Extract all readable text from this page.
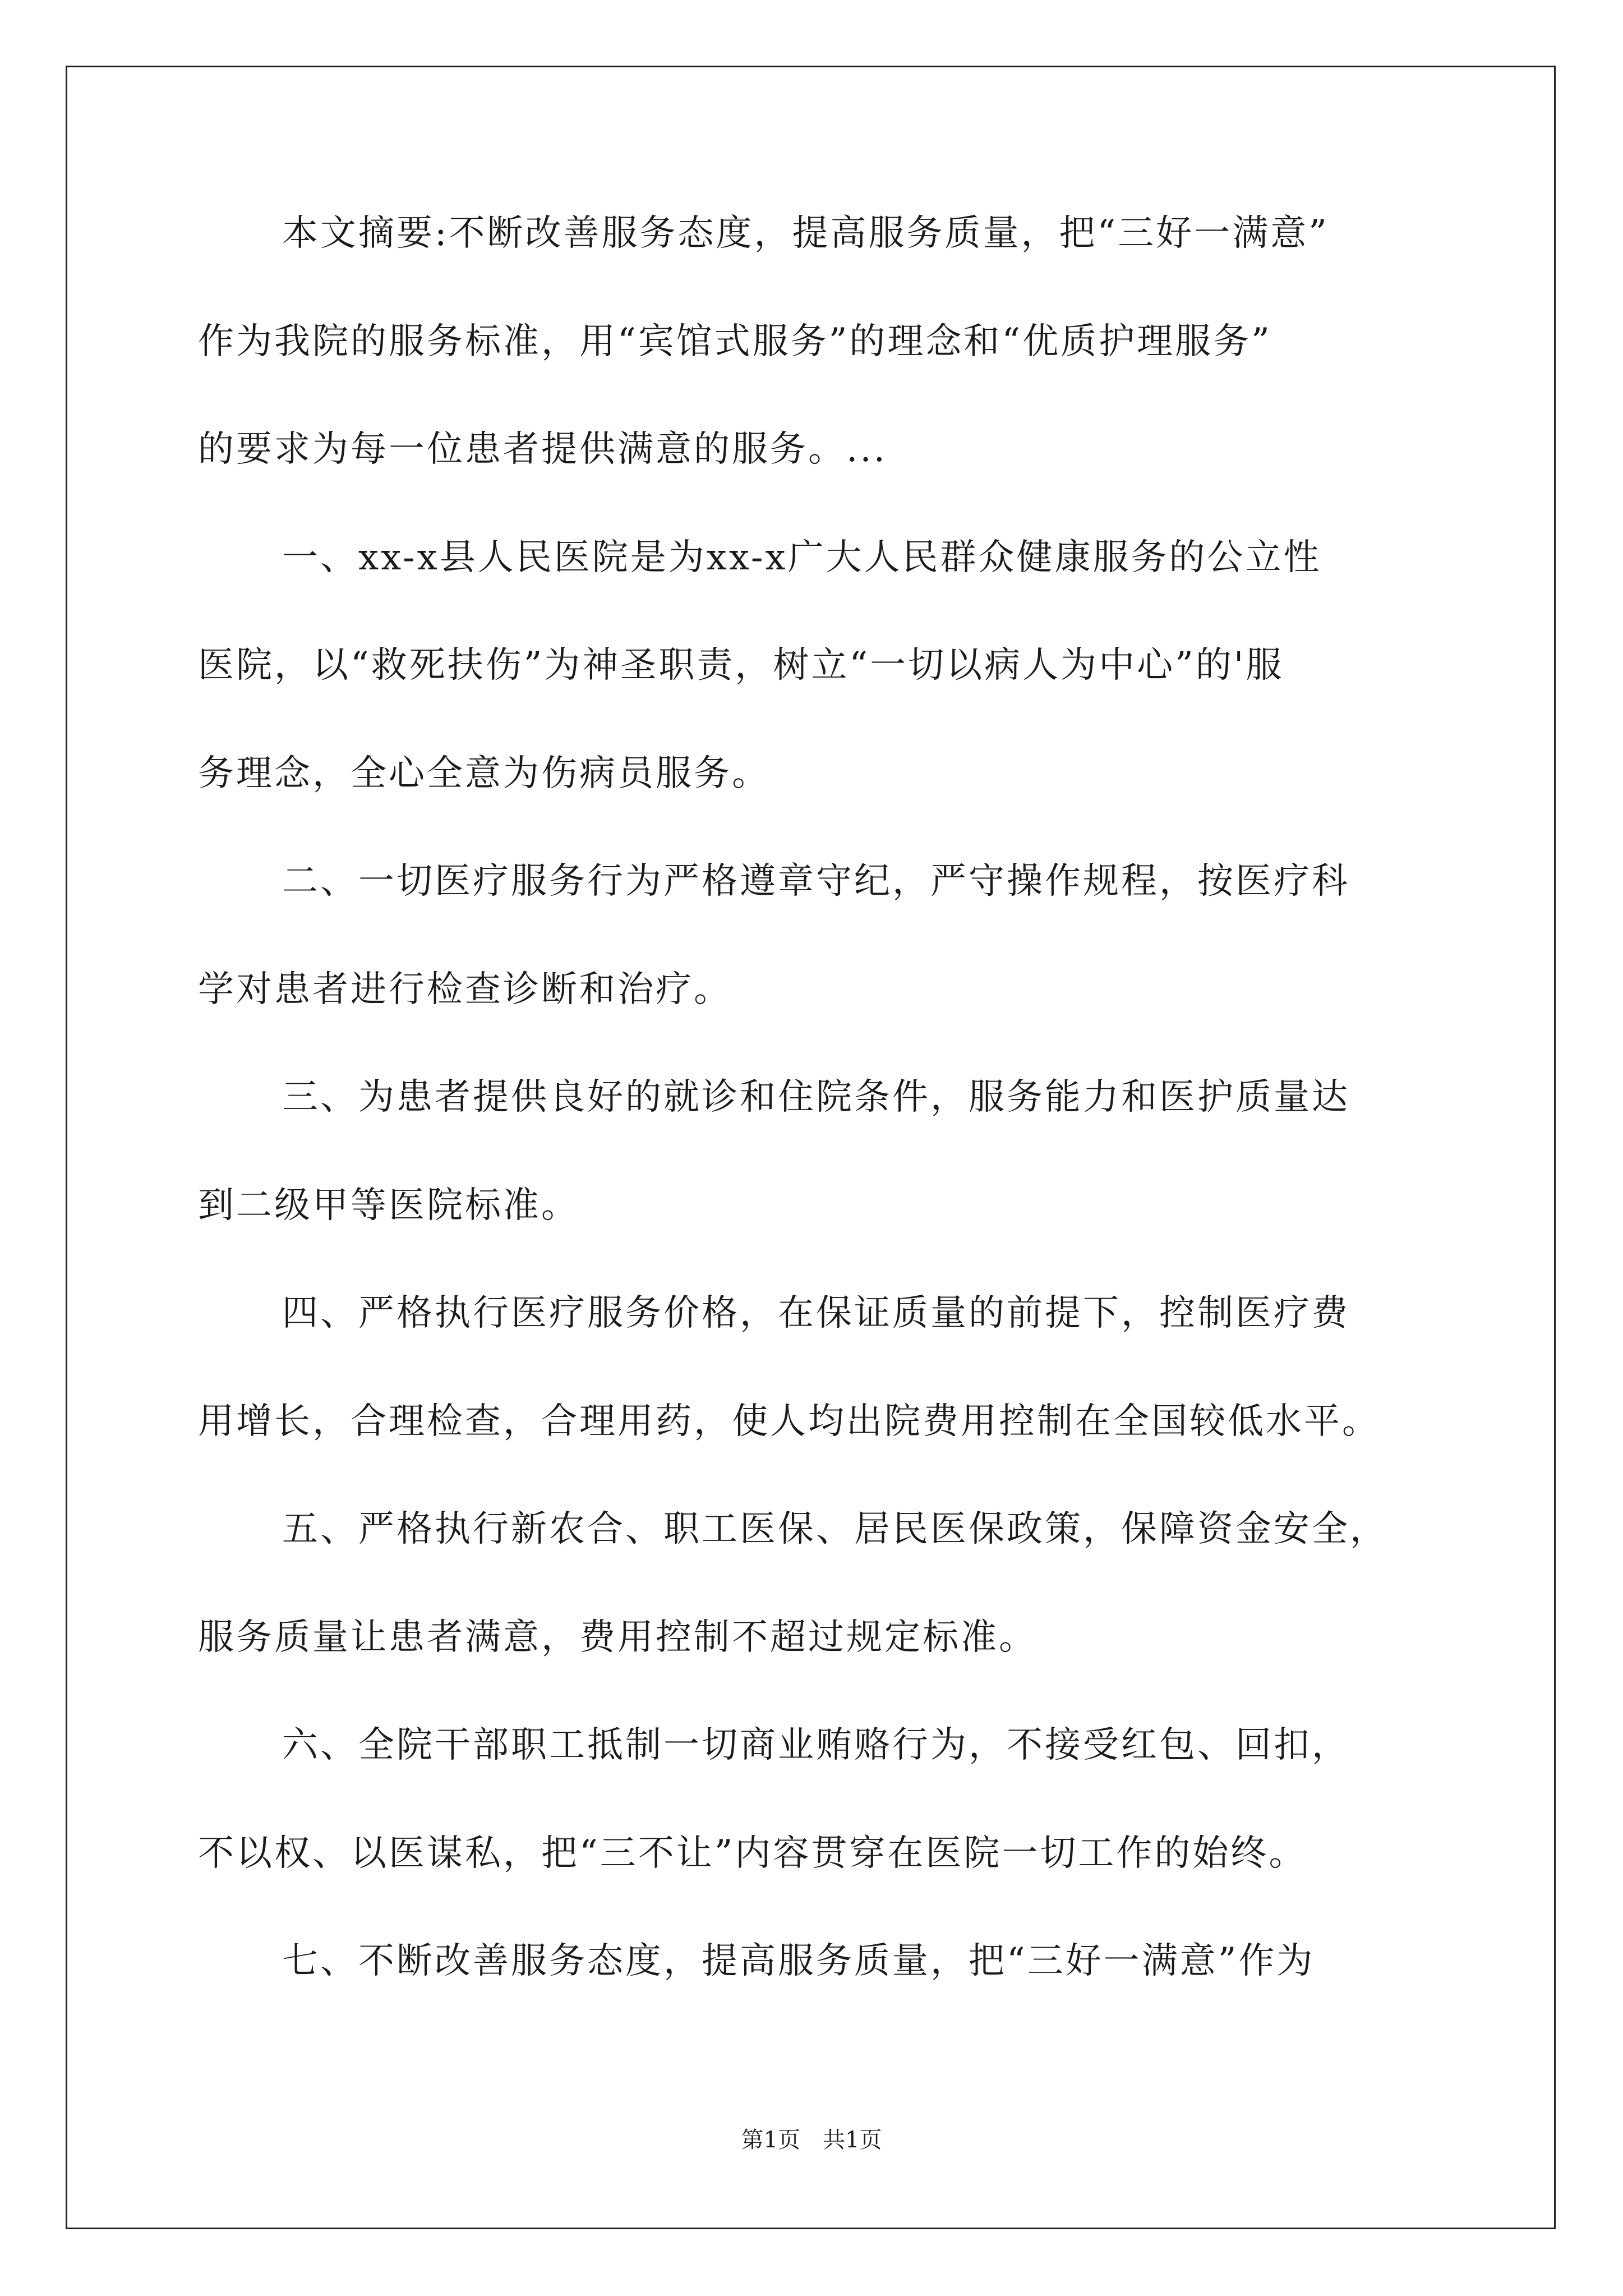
本文摘要:不断改善服务态度，提高服务质量，把“三好一满意”
作为我院的服务标准，用“宾馆式服务”的理念和“优质护理服务”
的要求为每一位患者提供满意的服务。...
一、xx-x县人民医院是为xx-x广大人民群众健康服务的公立性
医院，以“救死扶伤”为神圣职责，树立“一切以病人为中心”的'服
务理念，全心全意为伤病员服务。
二、一切医疗服务行为严格遵章守纪，严守操作规程，按医疗科
学对患者进行检查诊断和治疗。
三、为患者提供良好的就诊和住院条件，服务能力和医护质量达
到二级甲等医院标准。
四、严格执行医疗服务价格，在保证质量的前提下，控制医疗费
用增长，合理检查，合理用药，使人均出院费用控制在全国较低水平。
五、严格执行新农合、职工医保、居民医保政策，保障资金安全，
服务质量让患者满意，费用控制不超过规定标准。
六、全院干部职工抵制一切商业贿赂行为，不接受红包、回扣，
不以权、以医谋私，把“三不让”内容贯穿在医院一切工作的始终。
七、不断改善服务态度，提高服务质量，把“三好一满意”作为
第1页　共1页
